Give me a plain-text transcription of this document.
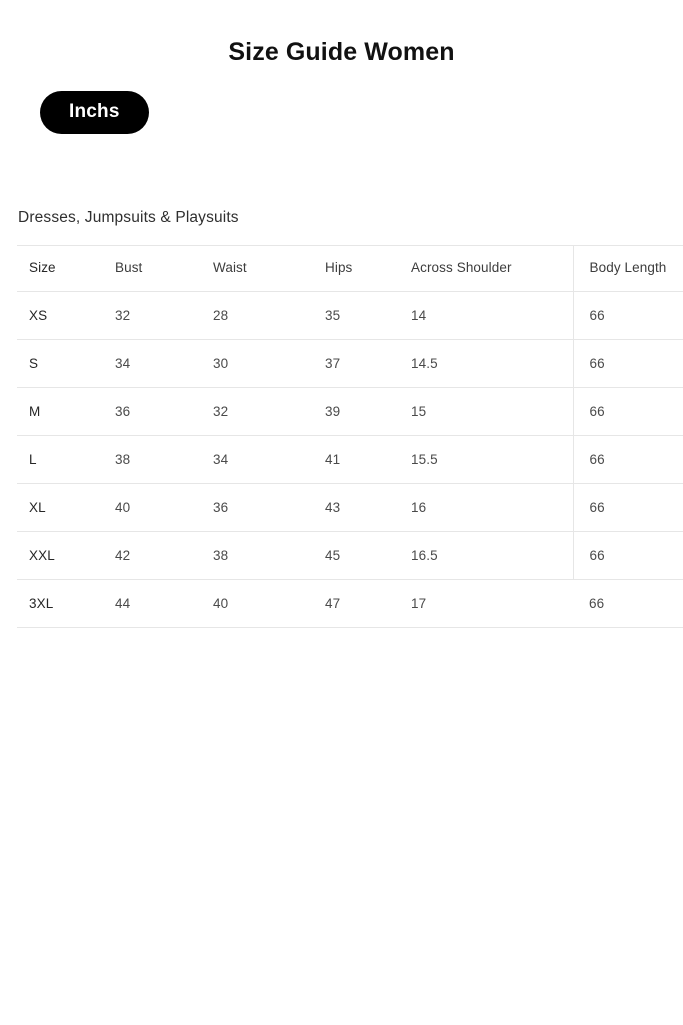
Size Guide Women
Inchs
Dresses, Jumpsuits & Playsuits
Size	Bust	Waist	Hips	Across Shoulder	Body Length
XS	32	28	35	14	66
S	34	30	37	14.5	66
M	36	32	39	15	66
L	38	34	41	15.5	66
XL	40	36	43	16	66
XXL	42	38	45	16.5	66
3XL	44	40	47	17	66
